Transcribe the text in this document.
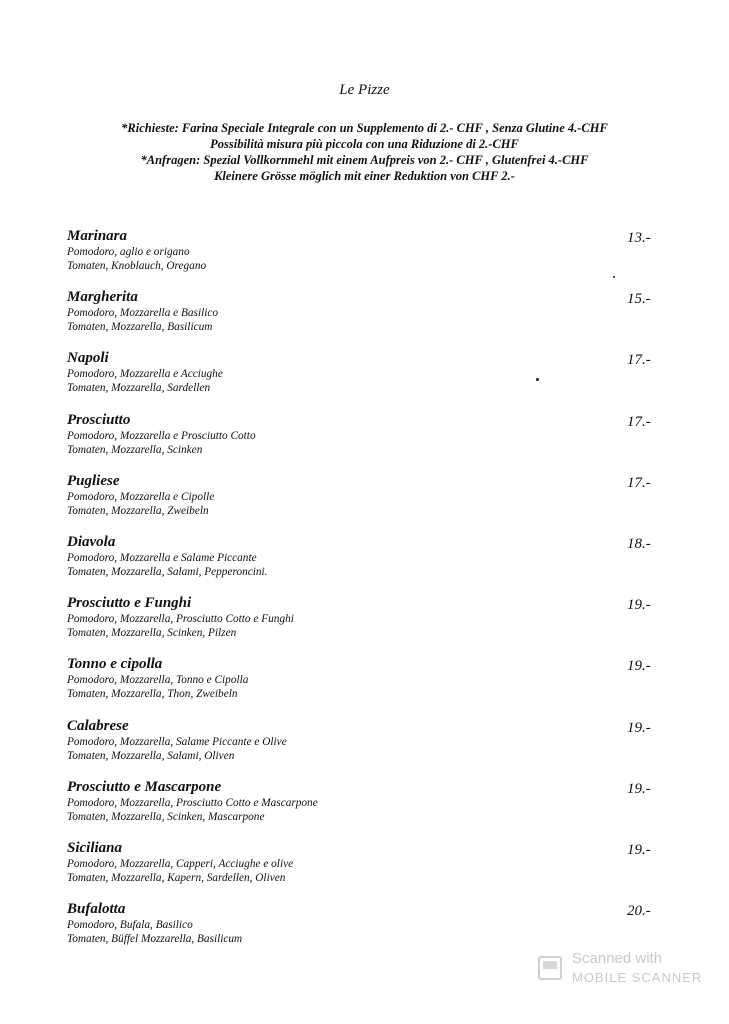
Le Pizze
*Richieste: Farina Speciale Integrale con un Supplemento di 2.- CHF , Senza Glutine 4.-CHF
Possibilità misura più piccola con una Riduzione di 2.-CHF
*Anfragen: Spezial Vollkornmehl mit einem Aufpreis von 2.- CHF , Glutenfrei 4.-CHF
Kleinere Grösse möglich mit einer Reduktion von CHF 2.-
Marinara
Pomodoro, aglio e origano
Tomaten, Knoblauch, Oregano
13.-
Margherita
Pomodoro, Mozzarella e Basilico
Tomaten, Mozzarella, Basilicum
15.-
Napoli
Pomodoro, Mozzarella e Acciughe
Tomaten, Mozzarella, Sardellen
17.-
Prosciutto
Pomodoro, Mozzarella e Prosciutto Cotto
Tomaten, Mozzarella, Scinken
17.-
Pugliese
Pomodoro, Mozzarella e Cipolle
Tomaten, Mozzarella, Zweibeln
17.-
Diavola
Pomodoro, Mozzarella e Salame Piccante
Tomaten, Mozzarella, Salami, Pepperoncini.
18.-
Prosciutto e Funghi
Pomodoro, Mozzarella, Prosciutto Cotto e Funghi
Tomaten, Mozzarella, Scinken, Pilzen
19.-
Tonno e cipolla
Pomodoro, Mozzarella, Tonno e Cipolla
Tomaten, Mozzarella, Thon, Zweibeln
19.-
Calabrese
Pomodoro, Mozzarella, Salame Piccante e Olive
Tomaten, Mozzarella, Salami, Oliven
19.-
Prosciutto e Mascarpone
Pomodoro, Mozzarella, Prosciutto Cotto e Mascarpone
Tomaten, Mozzarella, Scinken, Mascarpone
19.-
Siciliana
Pomodoro, Mozzarella, Capperi, Acciughe e olive
Tomaten, Mozzarella, Kapern, Sardellen, Oliven
19.-
Bufalotta
Pomodoro, Bufala, Basilico
Tomaten, Büffel Mozzarella, Basilicum
20.-
Scanned with
MOBILE SCANNER
